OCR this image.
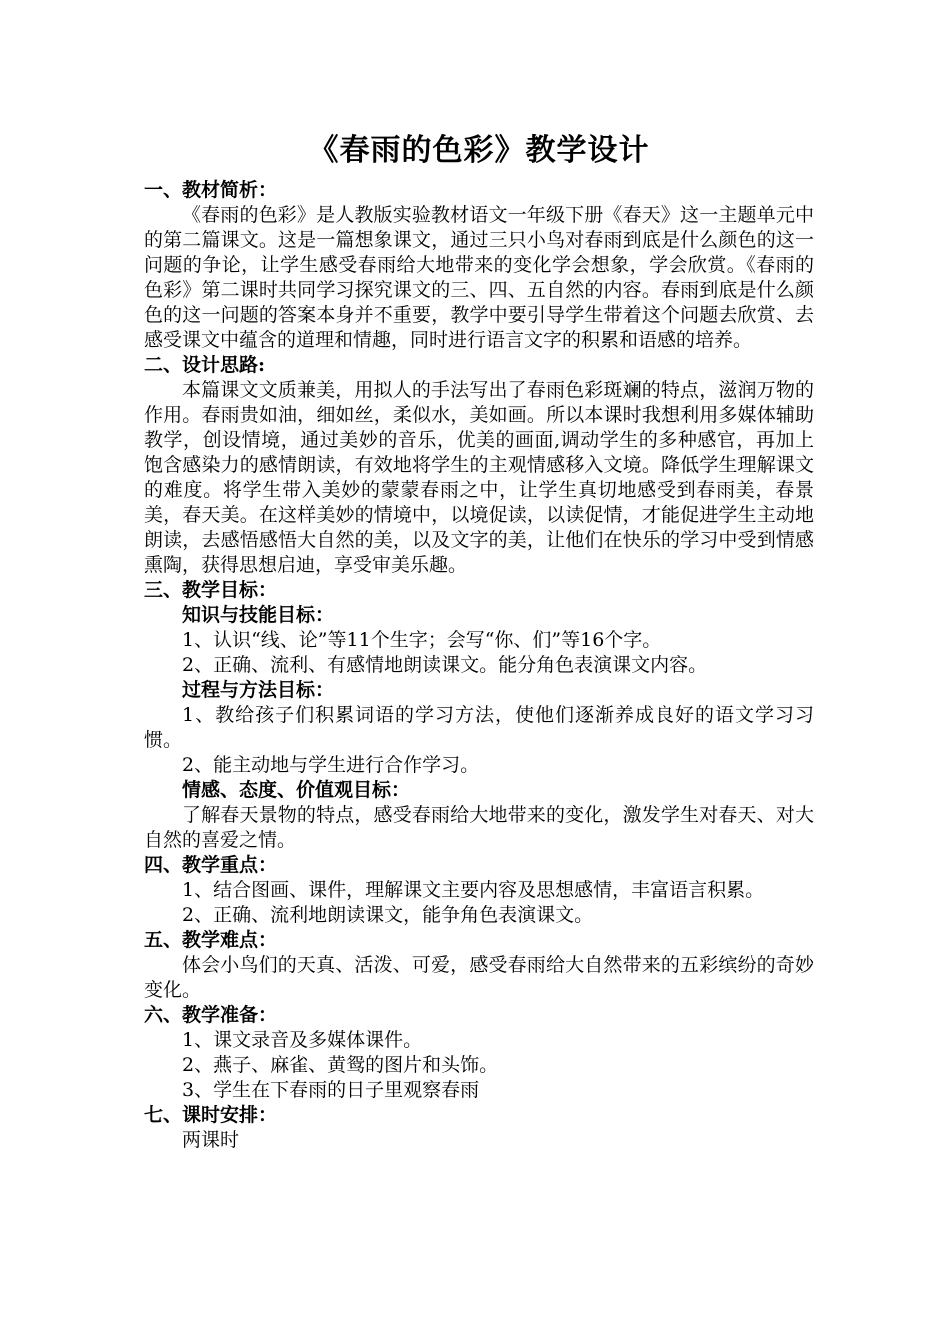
《春雨的色彩》教学设计
一、教材简析：
《春雨的色彩》是人教版实验教材语文一年级下册《春天》这一主题单元中的第二篇课文。这是一篇想象课文，通过三只小鸟对春雨到底是什么颜色的这一问题的争论，让学生感受春雨给大地带来的变化学会想象，学会欣赏。《春雨的色彩》第二课时共同学习探究课文的三、四、五自然的内容。春雨到底是什么颜色的这一问题的答案本身并不重要，教学中要引导学生带着这个问题去欣赏、去感受课文中蕴含的道理和情趣，同时进行语言文字的积累和语感的培养。
二、设计思路:
本篇课文文质兼美，用拟人的手法写出了春雨色彩斑斓的特点，滋润万物的作用。春雨贵如油，细如丝，柔似水，美如画。所以本课时我想利用多媒体辅助教学，创设情境，通过美妙的音乐，优美的画面,调动学生的多种感官，再加上饱含感染力的感情朗读，有效地将学生的主观情感移入文境。降低学生理解课文的难度。将学生带入美妙的蒙蒙春雨之中，让学生真切地感受到春雨美，春景美，春天美。在这样美妙的情境中，以境促读，以读促情，才能促进学生主动地朗读，去感悟感悟大自然的美，以及文字的美，让他们在快乐的学习中受到情感熏陶，获得思想启迪，享受审美乐趣。
三、教学目标：
知识与技能目标：
1、认识“线、论”等11个生字；会写“你、们”等16个字。
2、正确、流利、有感情地朗读课文。能分角色表演课文内容。
过程与方法目标：
1、教给孩子们积累词语的学习方法，使他们逐渐养成良好的语文学习习惯。
2、能主动地与学生进行合作学习。
情感、态度、价值观目标：
了解春天景物的特点，感受春雨给大地带来的变化，激发学生对春天、对大自然的喜爱之情。
四、教学重点：
1、结合图画、课件，理解课文主要内容及思想感情，丰富语言积累。
2、正确、流利地朗读课文，能争角色表演课文。
五、教学难点：
体会小鸟们的天真、活泼、可爱，感受春雨给大自然带来的五彩缤纷的奇妙变化。
六、教学准备：
1、课文录音及多媒体课件。
2、燕子、麻雀、黄鸳的图片和头饰。
3、学生在下春雨的日子里观察春雨
七、课时安排：
两课时
